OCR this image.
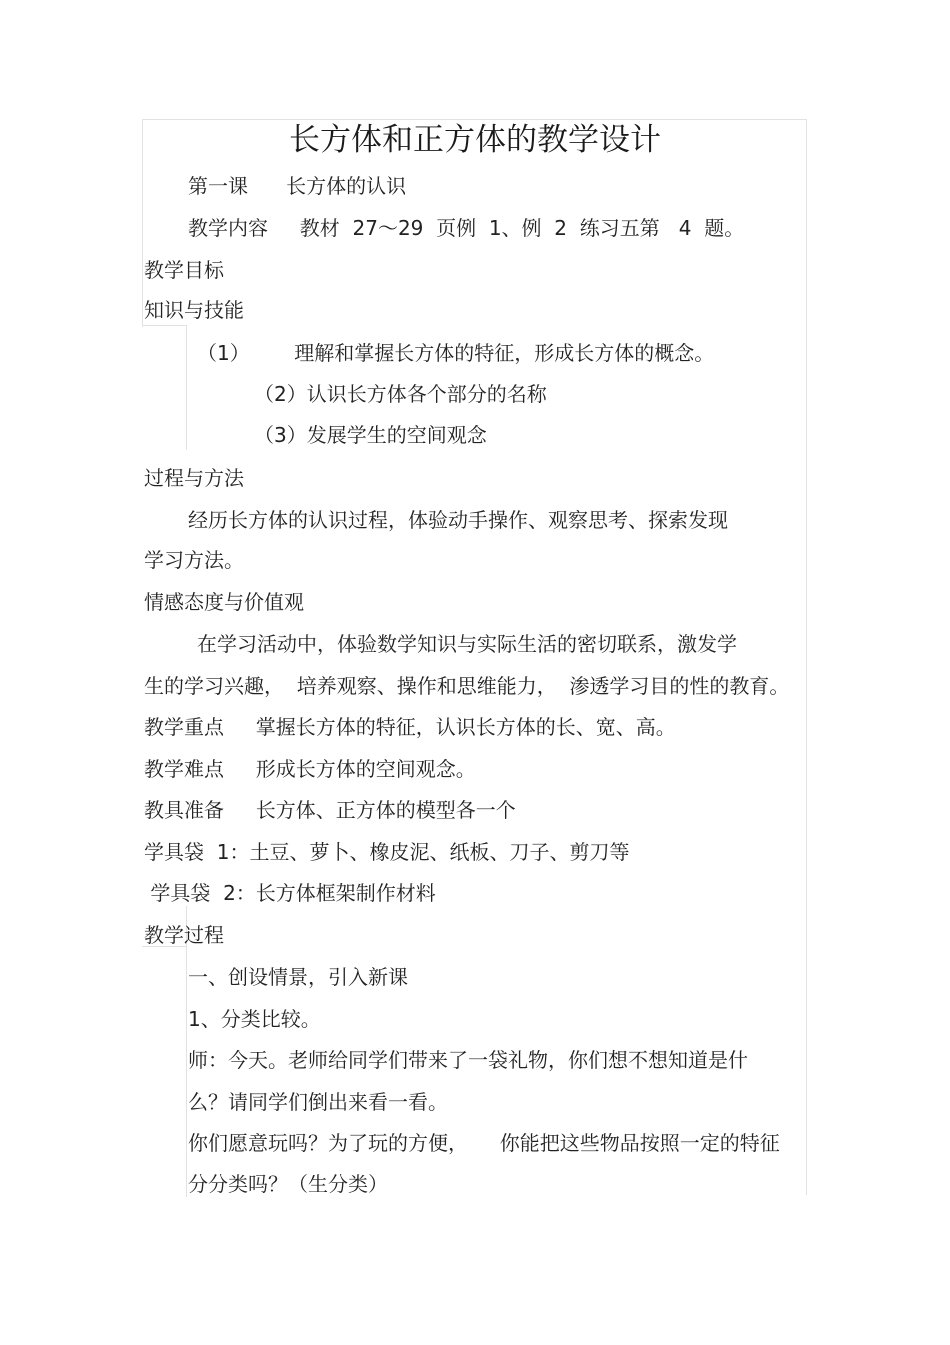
长方体和正方体的教学设计
第一课      长方体的认识
教学内容     教材  27～29  页例  1、例  2  练习五第   4  题。
教学目标
知识与技能
（1）       理解和掌握长方体的特征，形成长方体的概念。
（2）认识长方体各个部分的名称
（3）发展学生的空间观念
过程与方法
经历长方体的认识过程，体验动手操作、观察思考、探索发现
学习方法。
情感态度与价值观
在学习活动中，体验数学知识与实际生活的密切联系，激发学
生的学习兴趣，  培养观察、操作和思维能力，  渗透学习目的性的教育。
教学重点     掌握长方体的特征，认识长方体的长、宽、高。
教学难点     形成长方体的空间观念。
教具准备     长方体、正方体的模型各一个
学具袋  1：土豆、萝卜、橡皮泥、纸板、刀子、剪刀等
学具袋  2：长方体框架制作材料
教学过程
一、创设情景，引入新课
1、分类比较。
师：今天。老师给同学们带来了一袋礼物，你们想不想知道是什
么？请同学们倒出来看一看。
你们愿意玩吗？为了玩的方便，     你能把这些物品按照一定的特征
分分类吗？（生分类）
